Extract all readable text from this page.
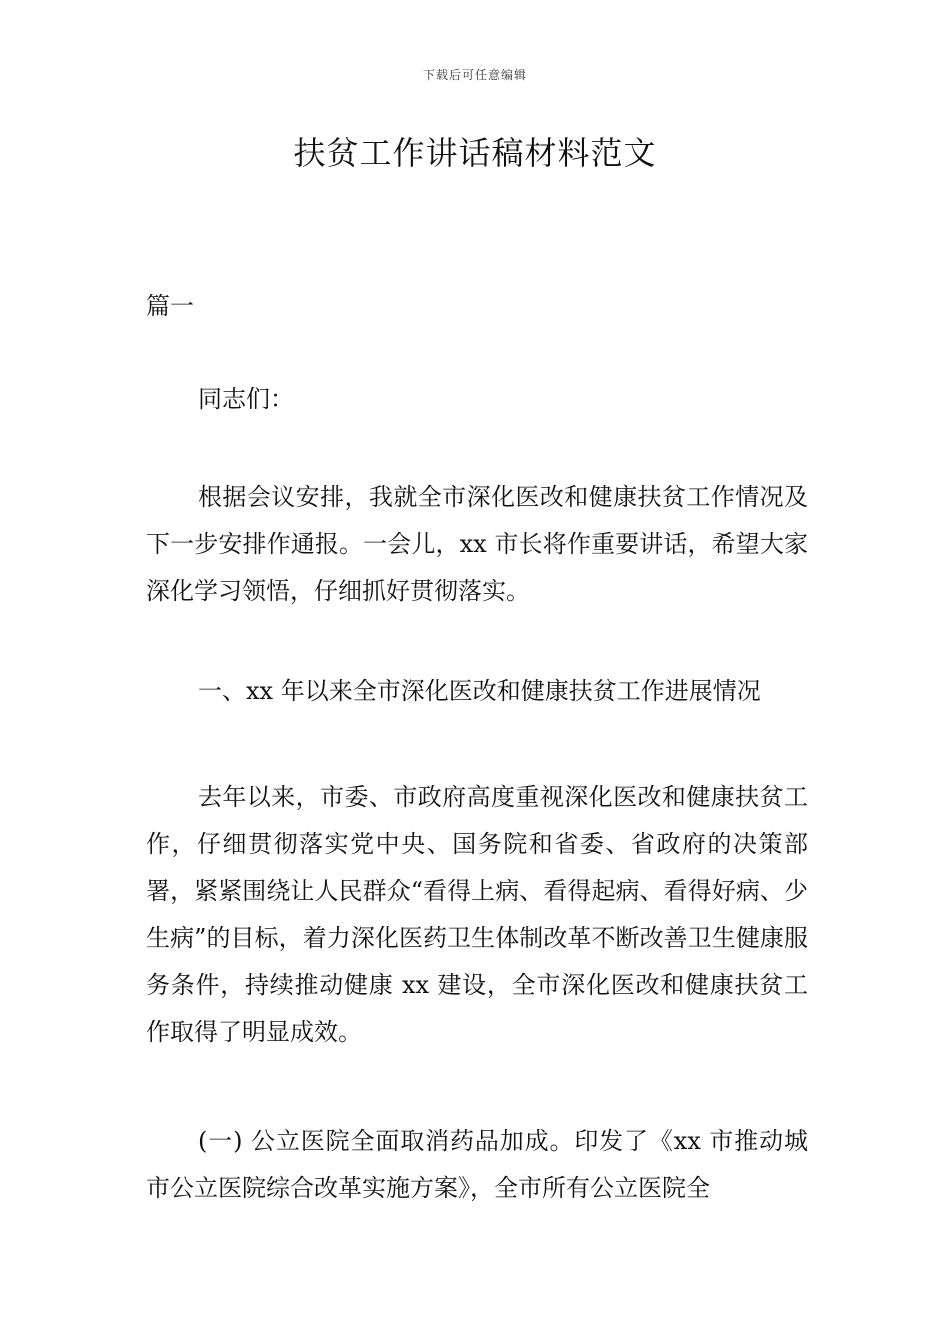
下载后可任意编辑
扶贫工作讲话稿材料范文
篇一

同志们：

根据会议安排，我就全市深化医改和健康扶贫工作情况及下一步安排作通报。一会儿，xx 市长将作重要讲话，希望大家深化学习领悟，仔细抓好贯彻落实。

一、xx 年以来全市深化医改和健康扶贫工作进展情况

去年以来，市委、市政府高度重视深化医改和健康扶贫工作，仔细贯彻落实党中央、国务院和省委、省政府的决策部署，紧紧围绕让人民群众“看得上病、看得起病、看得好病、少生病”的目标，着力深化医药卫生体制改革不断改善卫生健康服务条件，持续推动健康 xx 建设，全市深化医改和健康扶贫工作取得了明显成效。

(一) 公立医院全面取消药品加成。印发了《xx 市推动城市公立医院综合改革实施方案》，全市所有公立医院全
